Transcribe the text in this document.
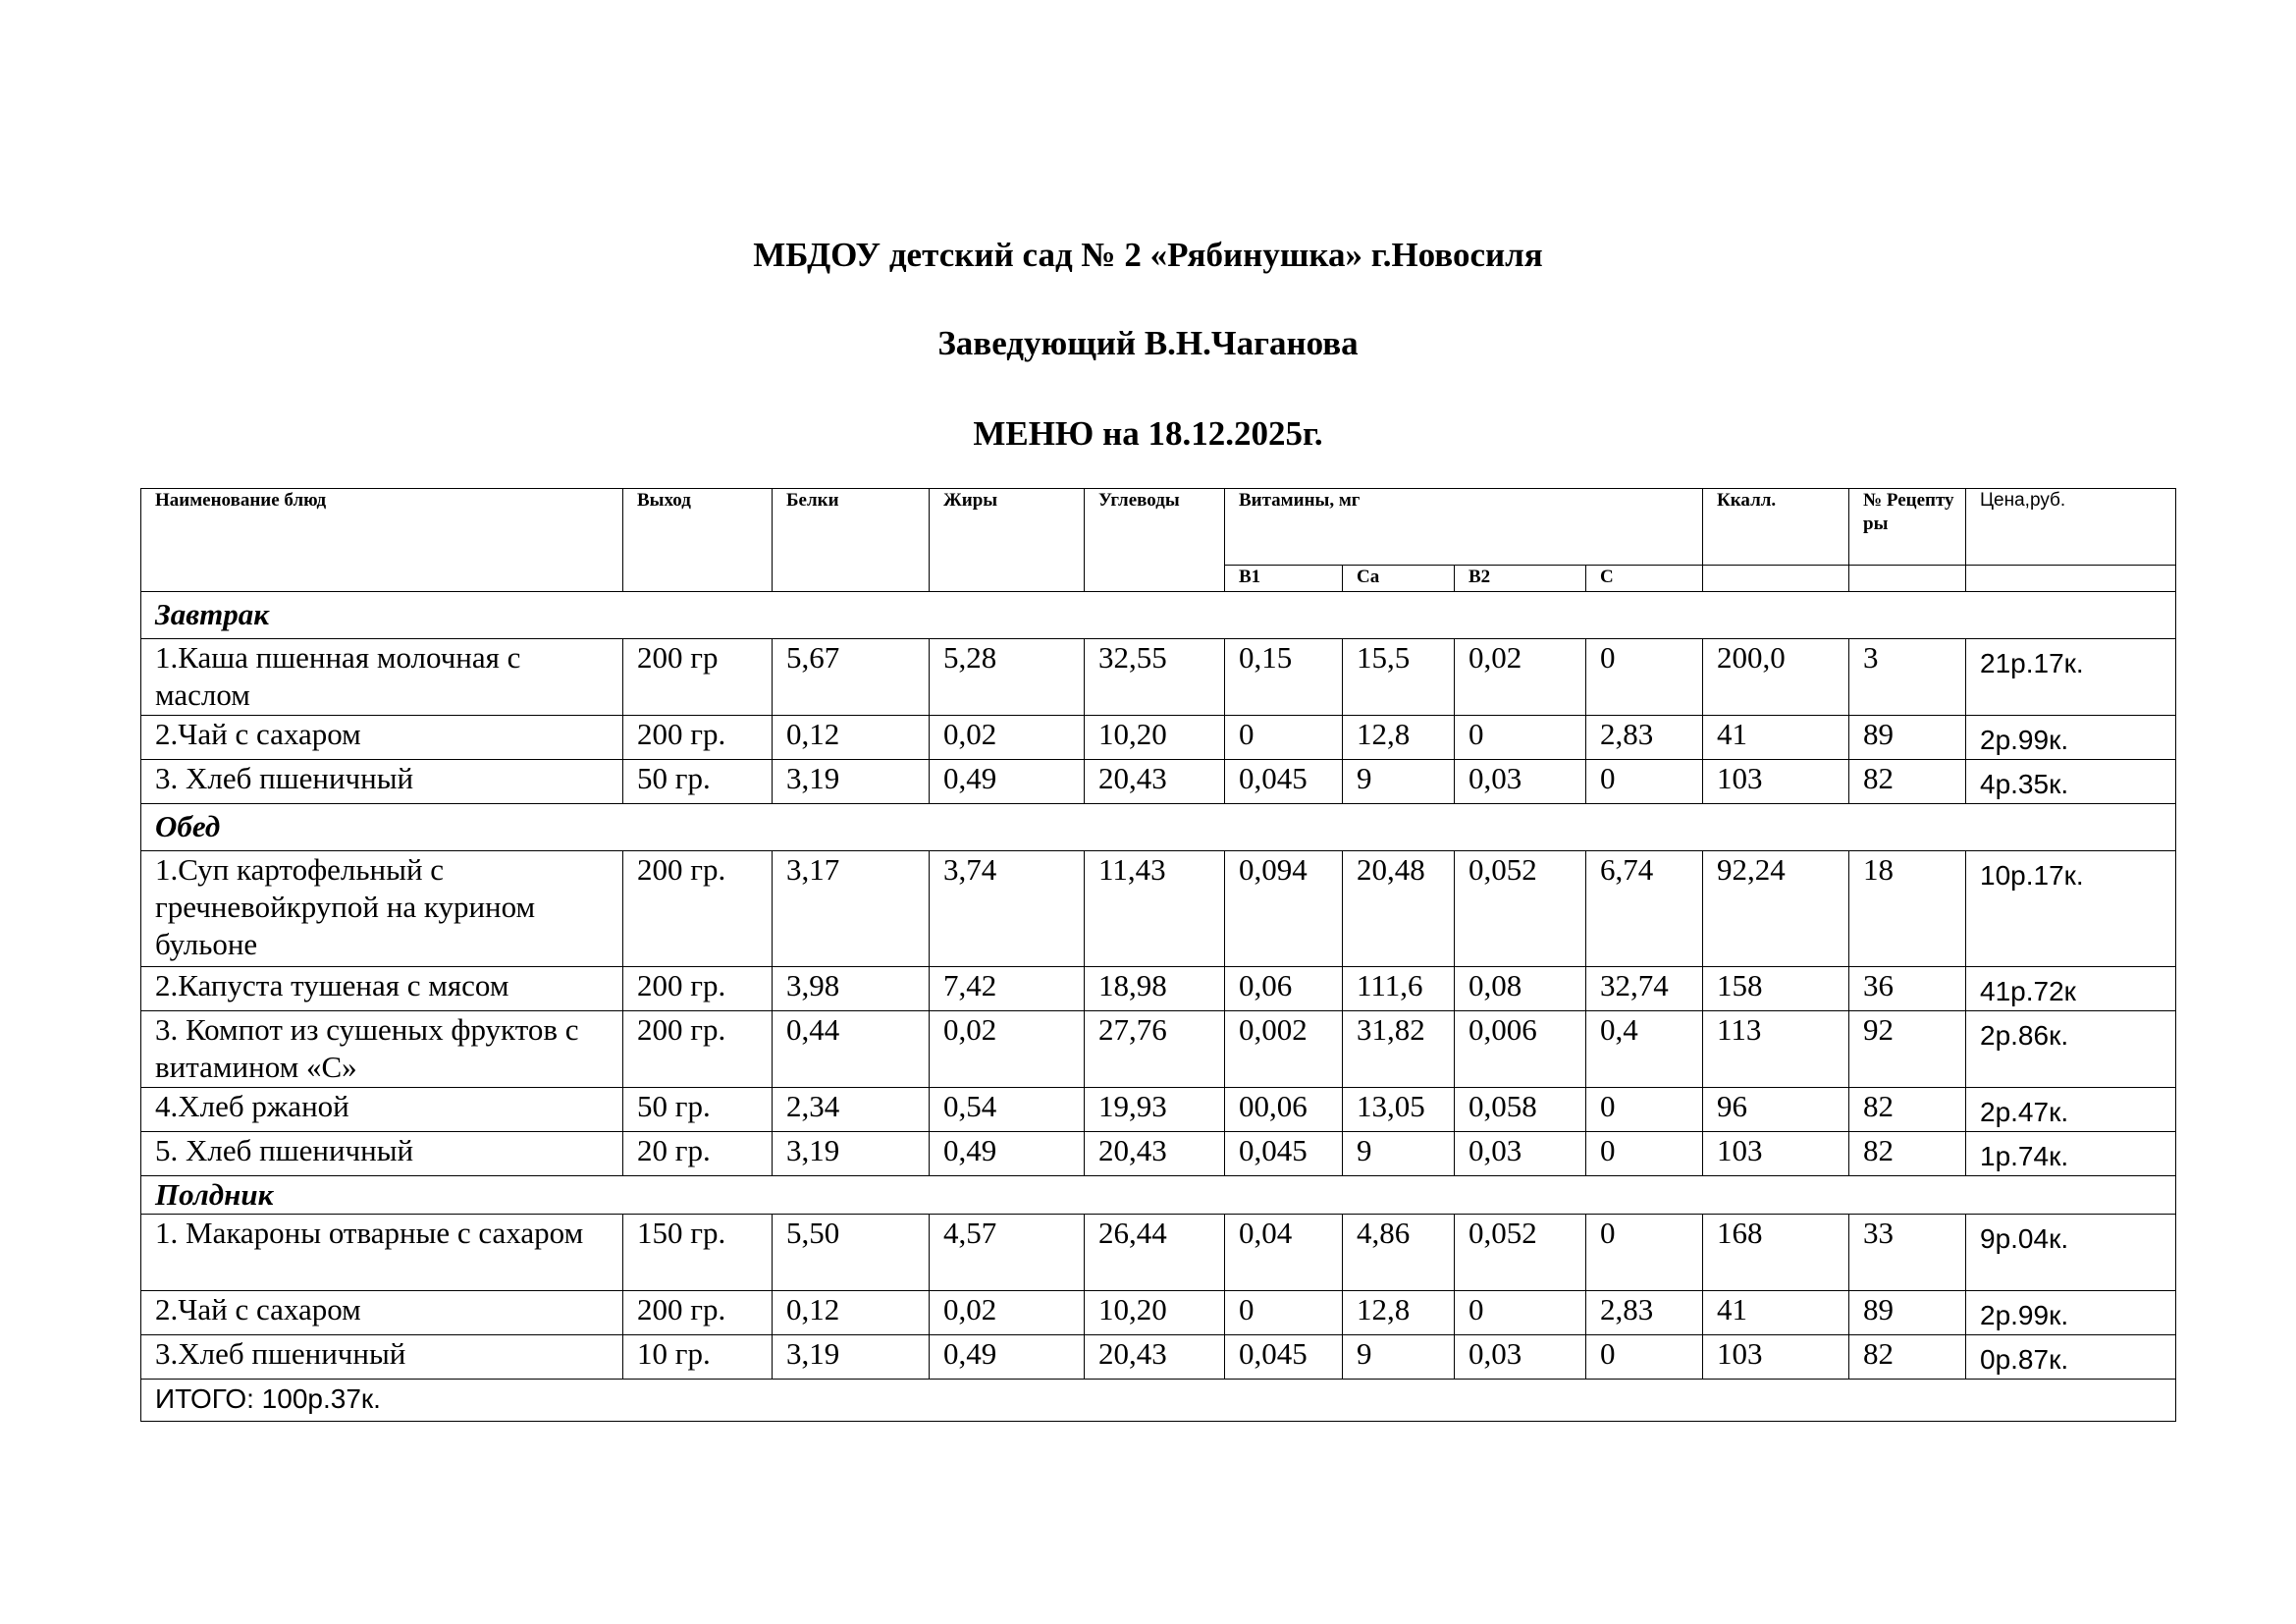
МБДОУ детский сад № 2 «Рябинушка» г.Новосиля
Заведующий В.Н.Чаганова
МЕНЮ на 18.12.2025г.
Наименование блюд	Выход	Белки	Жиры	Углеводы	Витамины, мг				Ккалл.	№ Рецепту ры	Цена,руб.
					В1	Са	В2	С			
Завтрак											
1.Каша пшенная молочная с маслом	200 гр	5,67	5,28	32,55	0,15	15,5	0,02	0	200,0	3	21р.17к.
2.Чай с сахаром	200 гр.	0,12	0,02	10,20	0	12,8	0	2,83	41	89	2р.99к.
3. Хлеб пшеничный	50 гр.	3,19	0,49	20,43	0,045	9	0,03	0	103	82	4р.35к.
Обед											
1.Суп картофельный с гречневойкрупой на курином бульоне	200 гр.	3,17	3,74	11,43	0,094	20,48	0,052	6,74	92,24	18	10р.17к.
2.Капуста тушеная с мясом	200 гр.	3,98	7,42	18,98	0,06	111,6	0,08	32,74	158	36	41р.72к
3. Компот из сушеных фруктов с витамином «С»	200 гр.	0,44	0,02	27,76	0,002	31,82	0,006	0,4	113	92	2р.86к.
4.Хлеб ржаной	50 гр.	2,34	0,54	19,93	00,06	13,05	0,058	0	96	82	2р.47к.
5. Хлеб пшеничный	20 гр.	3,19	0,49	20,43	0,045	9	0,03	0	103	82	1р.74к.
Полдник											
1. Макароны отварные с сахаром	150 гр.	5,50	4,57	26,44	0,04	4,86	0,052	0	168	33	9р.04к.
2.Чай с сахаром	200 гр.	0,12	0,02	10,20	0	12,8	0	2,83	41	89	2р.99к.
3.Хлеб пшеничный	10 гр.	3,19	0,49	20,43	0,045	9	0,03	0	103	82	0р.87к.
ИТОГО: 100р.37к.											
